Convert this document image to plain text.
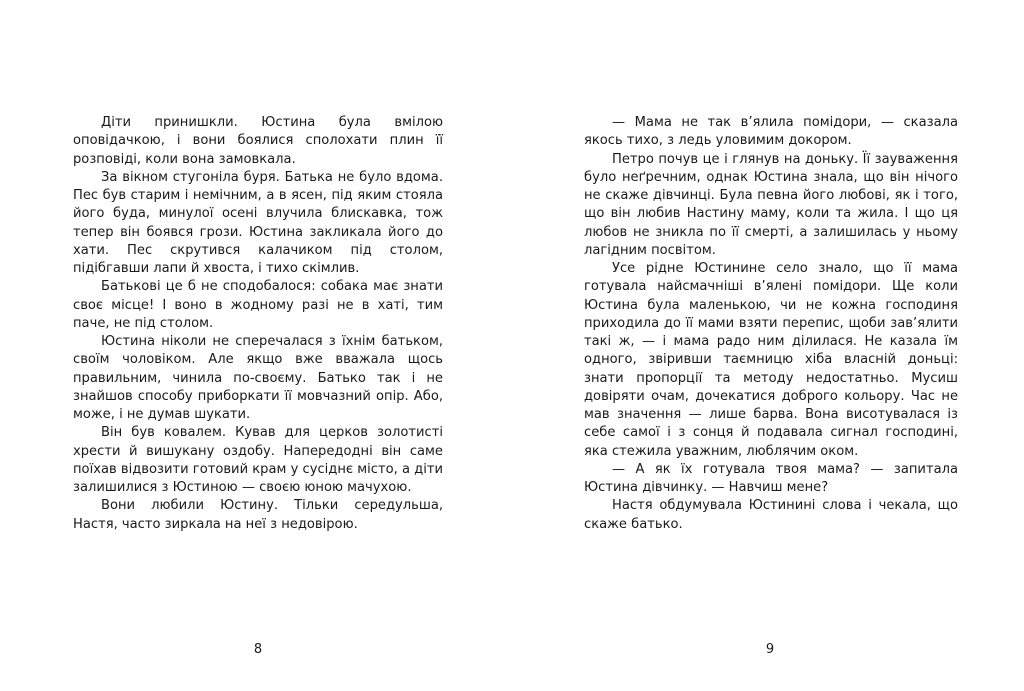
Діти принишкли. Юстина була вмілою оповідачкою, і вони боялися сполохати плин її розповіді, коли вона замовкала.

За вікном стугоніла буря. Батька не було вдома. Пес був старим і немічним, а в ясен, під яким стояла його буда, минулої осені влучила блискавка, тож тепер він боявся грози. Юстина закликала його до хати. Пес скрутився калачиком під столом, підібгавши лапи й хвоста, і тихо скімлив.

Батькові це б не сподобалося: собака має знати своє місце! І воно в жодному разі не в хаті, тим паче, не під столом.

Юстина ніколи не сперечалася з їхнім батьком, своїм чоловіком. Але якщо вже вважала щось правильним, чинила по-своєму. Батько так і не знайшов способу приборкати її мовчазний опір. Або, може, і не думав шукати.

Він був ковалем. Кував для церков золотисті хрести й вишукану оздобу. Напередодні він саме поїхав відвозити готовий крам у сусіднє місто, а діти залишилися з Юстиною — своєю юною мачухою.

Вони любили Юстину. Тільки середульша, Настя, часто зиркала на неї з недовірою.

8

— Мама не так в’ялила помідори, — сказала якось тихо, з ледь уловимим докором.

Петро почув це і глянув на доньку. Її зауваження було неґречним, однак Юстина знала, що він нічого не скаже дівчинці. Була певна його любові, як і того, що він любив Настину маму, коли та жила. І що ця любов не зникла по її смерті, а залишилась у ньому лагідним посвітом.

Усе рідне Юстинине село знало, що її мама готувала найсмачніші в’ялені помідори. Ще коли Юстина була маленькою, чи не кожна господиня приходила до її мами взяти перепис, щоби зав’ялити такі ж, — і мама радо ним ділилася. Не казала їм одного, звіривши таємницю хіба власній доньці: знати пропорції та методу недостатньо. Мусиш довіряти очам, дочекатися доброго кольору. Час не мав значення — лише барва. Вона висотувалася із себе самої і з сонця й подавала сигнал господині, яка стежила уважним, люблячим оком.

— А як їх готувала твоя мама? — запитала Юстина дівчинку. — Навчиш мене?

Настя обдумувала Юстинині слова і чекала, що скаже батько.

9
